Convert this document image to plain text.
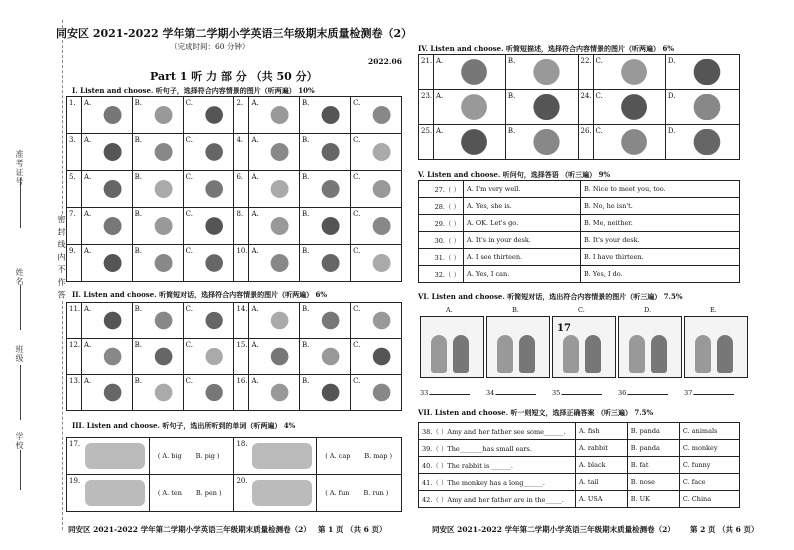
密 封 线 内 不 作 答
准考证号
姓名
班级
学校
同安区 2021-2022 学年第二学期小学英语三年级期末质量检测卷（2）
（完成时间：60 分钟）
2022.06
Part 1 听 力 部 分 （共 50 分）
I. Listen and choose. 听句子，选择符合内容情景的图片（听两遍） 10%
1.	A.	B.	C.	2.	A.	B.	C.

3.	A.	B.	C.	4.	A.	B.	C.

5.	A.	B.	C.	6.	A.	B.	C.

7.	A.	B.	C.	8.	A.	B.	C.

9.	A.	B.	C.	10.	A.	B.	C.
II. Listen and choose. 听简短对话，选择符合内容情景的图片（听两遍） 6%
11.	A.	B.	C.	14.	A.	B.	C.

12.	A.	B.	C.	15.	A.	B.	C.

13.	A.	B.	C.	16.	A.	B.	C.
III. Listen and choose. 听句子，选出所听到的单词（听两遍） 4%
17.	( A. big B. pig )	18.	( A. cap B. map )
19.	( A. ten B. pen )	20.	( A. fun B. run )
同安区 2021-2022 学年第二学期小学英语三年级期末质量检测卷（2） 第 1 页 （共 6 页）
IV. Listen and choose. 听简短描述，选择符合内容情景的图片（听两遍） 6%
21.	A.	B.	22.	C.	D.

23.	A.	B.	24.	C.	D.

25.	A.	B.	26.	C.	D.
V. Listen and choose. 听问句，选择答语 （听三遍） 9%
27.（ ）	A. I'm very well.	B. Nice to meet you, too.
28.（ ）	A. Yes, she is.	B. No, he isn't.
29.（ ）	A. OK. Let's go.	B. Me, neither.
30.（ ）	A. It's in your desk.	B. It's your desk.
31.（ ）	A. I see thirteen.	B. I have thirteen.
32.（ ）	A. Yes, I can.	B. Yes, I do.
VI. Listen and choose. 听简短对话，选出符合内容情景的图片（听三遍） 7.5%
A.
33.
B.
34.
C.
17
35.
D.
36.
E.
37.
VII. Listen and choose. 听一则短文，选择正确答案 （听三遍） 7.5%
38.（ ）Amy and her father see some______.	A. fish	B. panda	C. animals
39.（ ）The_______has small ears.	A. rabbit	B. panda	C. monkey
40.（ ）The rabbit is ______.	A. black	B. fat	C. funny
41.（ ）The monkey has a long______.	A. tail	B. nose	C. face
42.（ ）Amy and her father are in the_____.	A. USA	B. UK	C. China
同安区 2021-2022 学年第二学期小学英语三年级期末质量检测卷（2） 第 2 页 （共 6 页）
